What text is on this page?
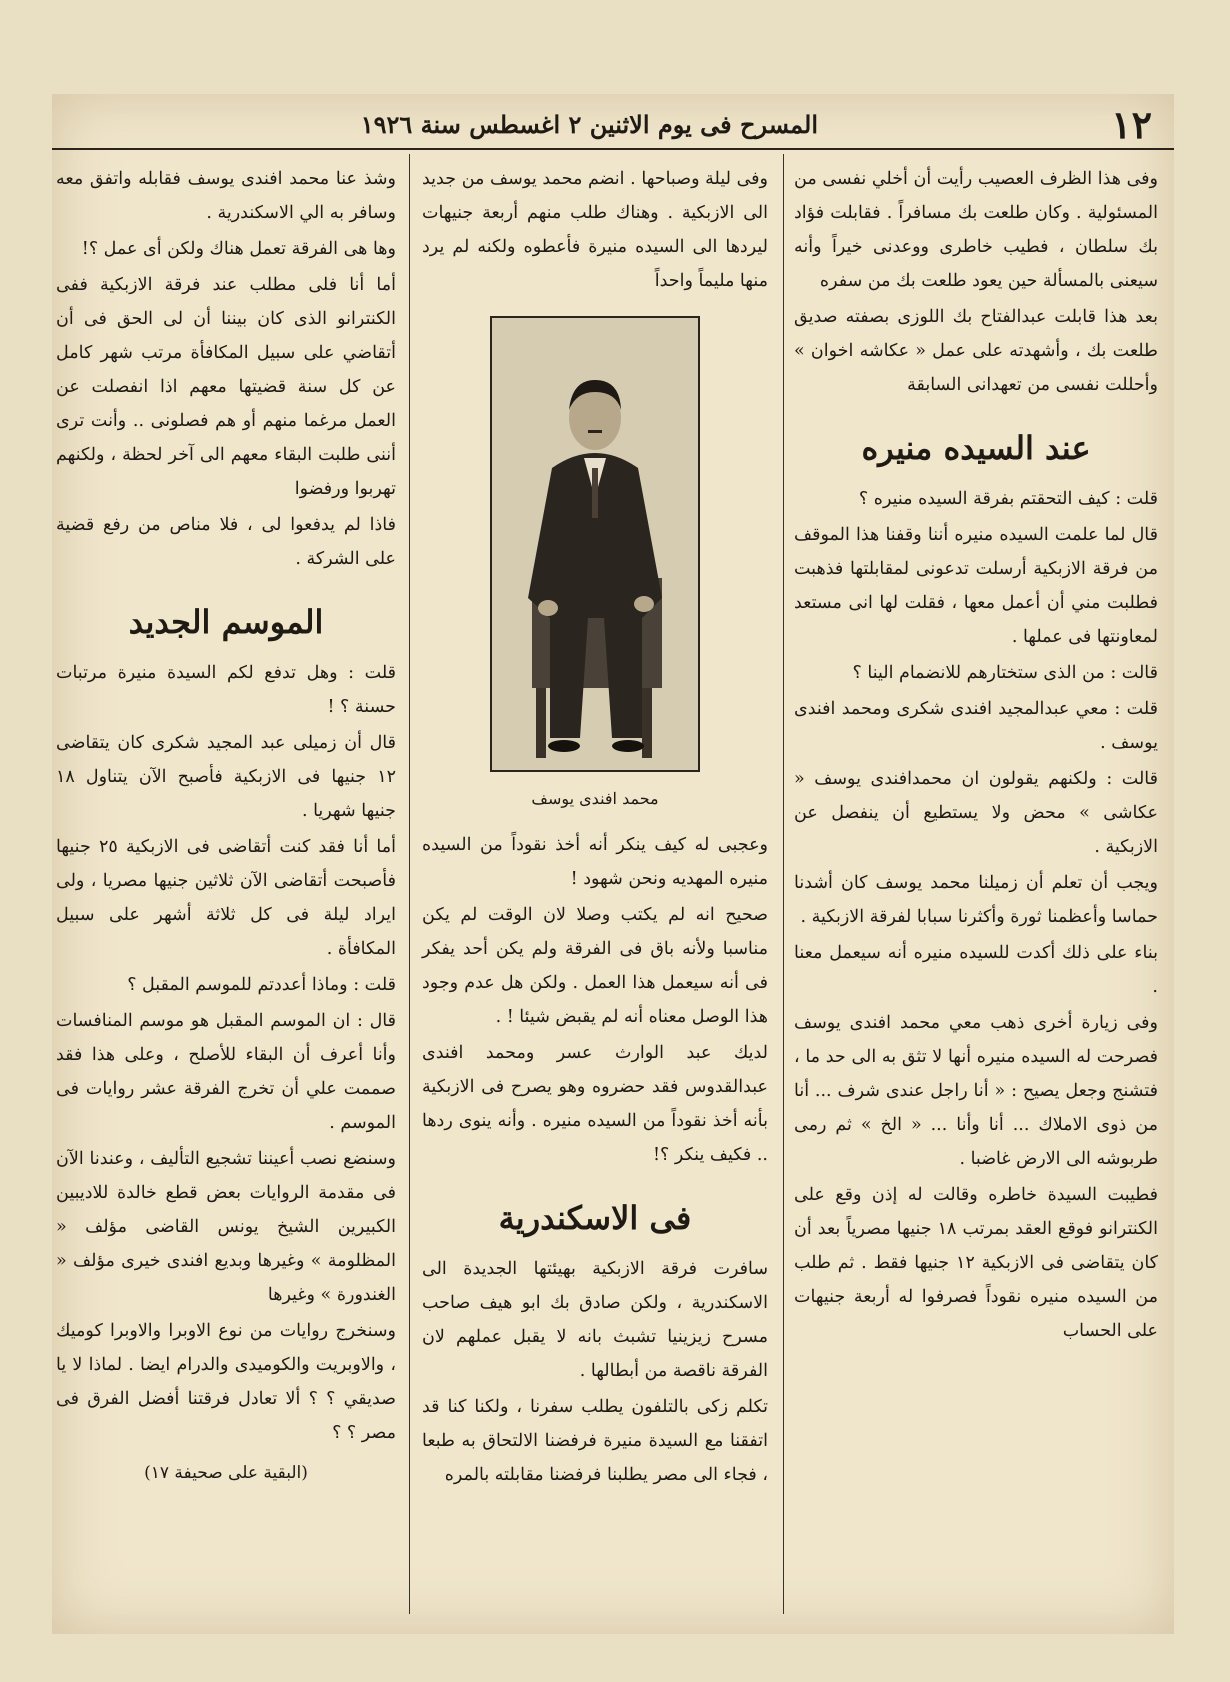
١٢
المسرح فى يوم الاثنين ٢ اغسطس سنة ١٩٢٦

وفى هذا الظرف العصيب رأيت أن أخلي نفسى من المسئولية . وكان طلعت بك مسافراً . فقابلت فؤاد بك سلطان ، فطيب خاطرى ووعدنى خيراً وأنه سيعنى بالمسألة حين يعود طلعت بك من سفره

بعد هذا قابلت عبدالفتاح بك اللوزى بصفته صديق طلعت بك ، وأشهدته على عمل « عكاشه اخوان » وأحللت نفسى من تعهدانى السابقة

عند السيده منيره

قلت : كيف التحقتم بفرقة السيده منيره ؟

قال لما علمت السيده منيره أننا وقفنا هذا الموقف من فرقة الازبكية أرسلت تدعونى لمقابلتها فذهبت فطلبت مني أن أعمل معها ، فقلت لها انى مستعد لمعاونتها فى عملها .

قالت : من الذى ستختارهم للانضمام الينا ؟

قلت : معي عبدالمجيد افندى شكرى ومحمد افندى يوسف .

قالت : ولكنهم يقولون ان محمدافندى يوسف « عكاشى » محض ولا يستطيع أن ينفصل عن الازبكية .

ويجب أن تعلم أن زميلنا محمد يوسف كان أشدنا حماسا وأعظمنا ثورة وأكثرنا سبابا لفرقة الازبكية .

بناء على ذلك أكدت للسيده منيره أنه سيعمل معنا .

وفى زيارة أخرى ذهب معي محمد افندى يوسف فصرحت له السيده منيره أنها لا تثق به الى حد ما ، فتشنج وجعل يصيح : « أنا راجل عندى شرف ... أنا من ذوى الاملاك ... أنا وأنا ... « الخ » ثم رمى طربوشه الى الارض غاضبا .

فطيبت السيدة خاطره وقالت له إذن وقع على الكنترانو فوقع العقد بمرتب ١٨ جنيها مصرياً بعد أن كان يتقاضى فى الازبكية ١٢ جنيها فقط . ثم طلب من السيده منيره نقوداً فصرفوا له أربعة جنيهات على الحساب

وفى ليلة وصباحها . انضم محمد يوسف من جديد الى الازبكية . وهناك طلب منهم أربعة جنيهات ليردها الى السيده منيرة فأعطوه ولكنه لم يرد منها مليماً واحداً

محمد افندى يوسف

وعجبى له كيف ينكر أنه أخذ نقوداً من السيده منيره المهديه ونحن شهود !

صحيح انه لم يكتب وصلا لان الوقت لم يكن مناسبا ولأنه باق فى الفرقة ولم يكن أحد يفكر فى أنه سيعمل هذا العمل . ولكن هل عدم وجود هذا الوصل معناه أنه لم يقبض شيئا ! .

لديك عبد الوارث عسر ومحمد افندى عبدالقدوس فقد حضروه وهو يصرح فى الازبكية بأنه أخذ نقوداً من السيده منيره . وأنه ينوى ردها .. فكيف ينكر ؟!

فى الاسكندرية

سافرت فرقة الازبكية بهيئتها الجديدة الى الاسكندرية ، ولكن صادق بك ابو هيف صاحب مسرح زيزينيا تشبث بانه لا يقبل عملهم لان الفرقة ناقصة من أبطالها .

تكلم زكى بالتلفون يطلب سفرنا ، ولكنا كنا قد اتفقنا مع السيدة منيرة فرفضنا الالتحاق به طبعا ، فجاء الى مصر يطلبنا فرفضنا مقابلته بالمره

وشذ عنا محمد افندى يوسف فقابله واتفق معه وسافر به الي الاسكندرية .

وها هى الفرقة تعمل هناك ولكن أى عمل ؟!

أما أنا فلى مطلب عند فرقة الازبكية ففى الكنترانو الذى كان بيننا أن لى الحق فى أن أتقاضي على سبيل المكافأة مرتب شهر كامل عن كل سنة قضيتها معهم اذا انفصلت عن العمل مرغما منهم أو هم فصلونى .. وأنت ترى أننى طلبت البقاء معهم الى آخر لحظة ، ولكنهم تهربوا ورفضوا

فاذا لم يدفعوا لى ، فلا مناص من رفع قضية على الشركة .

الموسم الجديد

قلت : وهل تدفع لكم السيدة منيرة مرتبات حسنة ؟ !

قال أن زميلى عبد المجيد شكرى كان يتقاضى ١٢ جنيها فى الازبكية فأصبح الآن يتناول ١٨ جنيها شهريا .

أما أنا فقد كنت أتقاضى فى الازبكية ٢٥ جنيها فأصبحت أتقاضى الآن ثلاثين جنيها مصريا ، ولى ايراد ليلة فى كل ثلاثة أشهر على سبيل المكافأة .

قلت : وماذا أعددتم للموسم المقبل ؟

قال : ان الموسم المقبل هو موسم المنافسات وأنا أعرف أن البقاء للأصلح ، وعلى هذا فقد صممت علي أن تخرج الفرقة عشر روايات فى الموسم .

وسنضع نصب أعيننا تشجيع التأليف ، وعندنا الآن فى مقدمة الروايات بعض قطع خالدة للاديبين الكبيرين الشيخ يونس القاضى مؤلف « المظلومة » وغيرها وبديع افندى خيرى مؤلف « الغندورة » وغيرها

وسنخرج روايات من نوع الاوبرا والاوبرا كوميك ، والاوبريت والكوميدى والدرام ايضا . لماذا لا يا صديقي ؟ ؟ ألا تعادل فرقتنا أفضل الفرق فى مصر ؟ ؟

(البقية على صحيفة ١٧)
